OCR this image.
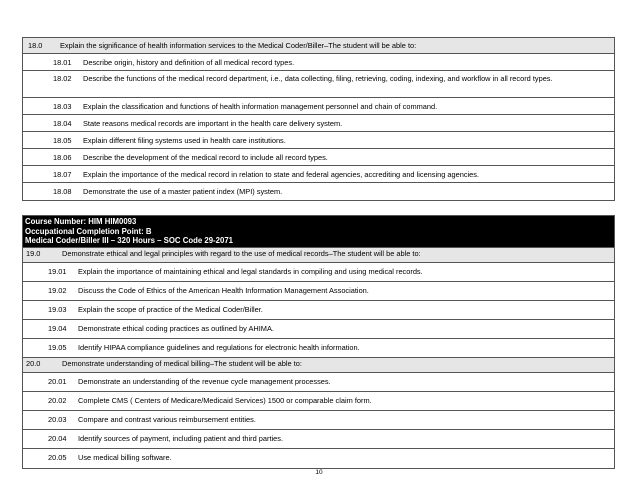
18.0	Explain the significance of health information services to the Medical Coder/Biller–The student will be able to:
18.01	Describe origin, history and definition of all medical record types.
18.02	Describe the functions of the medical record department, i.e., data collecting, filing, retrieving, coding, indexing, and workflow in all record types.
18.03	Explain the classification and functions of health information management personnel and chain of command.
18.04	State reasons medical records are important in the health care delivery system.
18.05	Explain different filing systems used in health care institutions.
18.06	Describe the development of the medical record to include all record types.
18.07	Explain the importance of the medical record in relation to state and federal agencies, accrediting and licensing agencies.
18.08	Demonstrate the use of a master patient index (MPI) system.
Course Number: HIM HIM0093
Occupational Completion Point: B
Medical Coder/Biller III – 320 Hours – SOC Code 29-2071
19.0	Demonstrate ethical and legal principles with regard to the use of medical records–The student will be able to:
19.01	Explain the importance of maintaining ethical and legal standards in compiling and using medical records.
19.02	Discuss the Code of Ethics of the American Health Information Management Association.
19.03	Explain the scope of practice of the Medical Coder/Biller.
19.04	Demonstrate ethical coding practices as outlined by AHIMA.
19.05	Identify HIPAA compliance guidelines and regulations for electronic health information.
20.0	Demonstrate understanding of medical billing–The student will be able to:
20.01	Demonstrate an understanding of the revenue cycle management processes.
20.02	Complete CMS ( Centers of Medicare/Medicaid Services) 1500 or comparable claim form.
20.03	Compare and contrast various reimbursement entities.
20.04	Identify sources of payment, including patient and third parties.
20.05	Use medical billing software.
10
